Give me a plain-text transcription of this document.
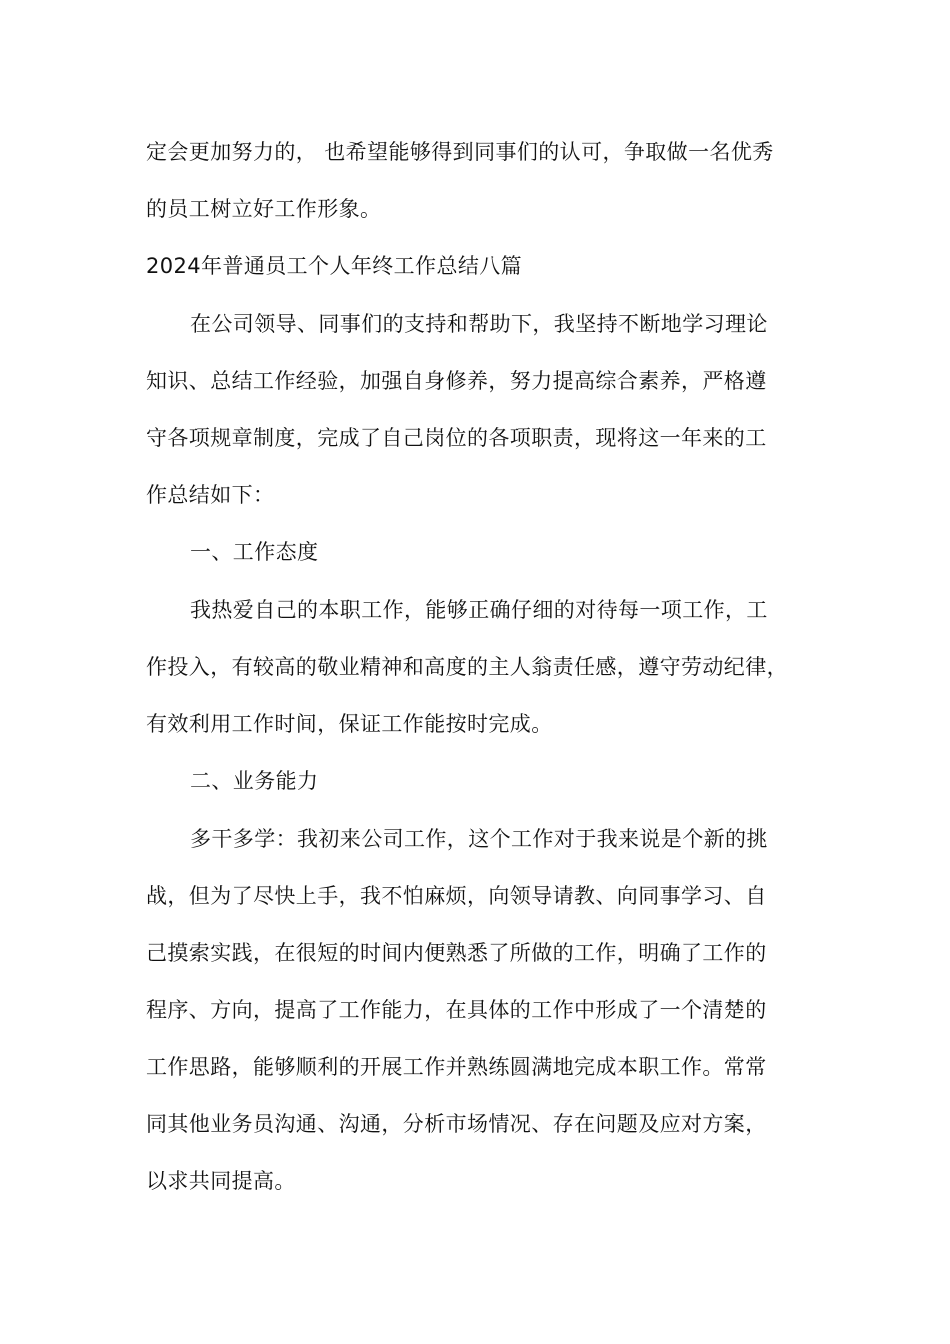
定会更加努力的， 也希望能够得到同事们的认可，争取做一名优秀
的员工树立好工作形象。
2024年普通员工个人年终工作总结八篇
在公司领导、同事们的支持和帮助下，我坚持不断地学习理论
知识、总结工作经验，加强自身修养，努力提高综合素养，严格遵
守各项规章制度，完成了自己岗位的各项职责，现将这一年来的工
作总结如下：
一、工作态度
我热爱自己的本职工作，能够正确仔细的对待每一项工作，工
作投入，有较高的敬业精神和高度的主人翁责任感，遵守劳动纪律，
有效利用工作时间，保证工作能按时完成。
二、业务能力
多干多学：我初来公司工作，这个工作对于我来说是个新的挑
战，但为了尽快上手，我不怕麻烦，向领导请教、向同事学习、自
己摸索实践，在很短的时间内便熟悉了所做的工作，明确了工作的
程序、方向，提高了工作能力，在具体的工作中形成了一个清楚的
工作思路，能够顺利的开展工作并熟练圆满地完成本职工作。常常
同其他业务员沟通、沟通，分析市场情况、存在问题及应对方案，
以求共同提高。
